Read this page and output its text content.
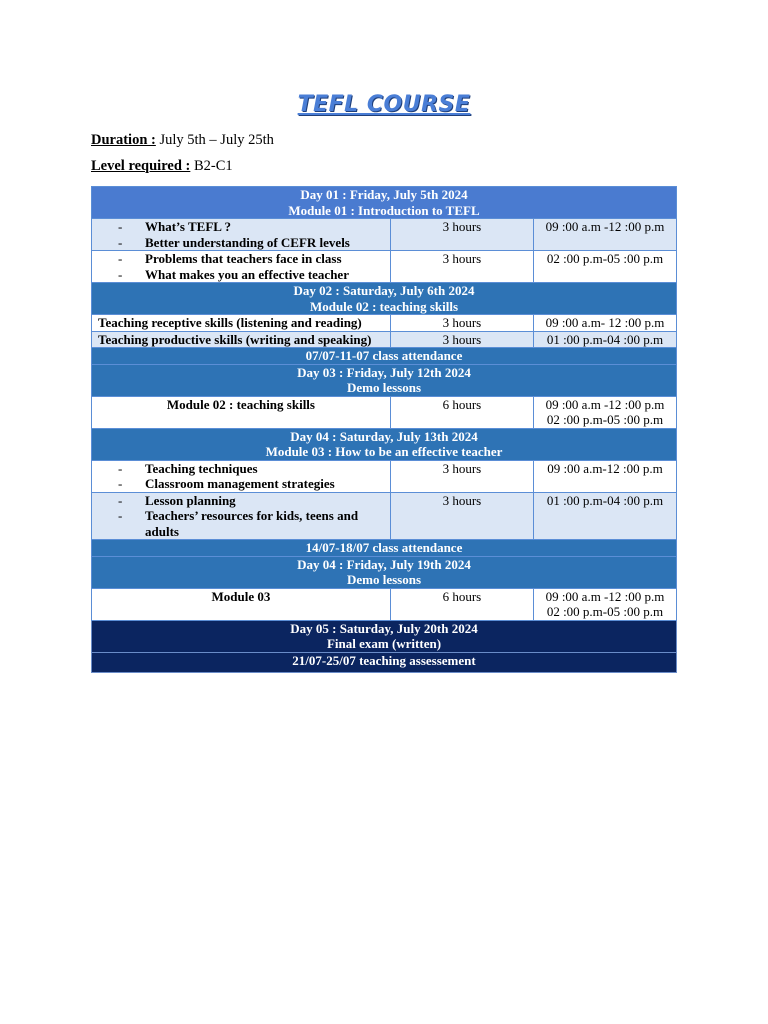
TEFL COURSE
Duration : July 5th – July 25th
Level required : B2-C1
Day 01 : Friday, July 5th 2024
Module 01 : Introduction to TEFL		

- What’s TEFL ?
- Better understanding of CEFR levels	3 hours	09 :00 a.m -12 :00 p.m

- Problems that teachers face in class
- What makes you an effective teacher	3 hours	02 :00 p.m-05 :00 p.m

Day 02 : Saturday, July 6th 2024
Module 02 : teaching skills		

Teaching receptive skills (listening and reading)	3 hours	09 :00 a.m- 12 :00 p.m
Teaching productive skills (writing and speaking)	3 hours	01 :00 p.m-04 :00 p.m
07/07-11-07 class attendance		

Day 03 : Friday, July 12th 2024
Demo lessons		

Module 02 : teaching skills	6 hours	09 :00 a.m -12 :00 p.m
02 :00 p.m-05 :00 p.m

Day 04 : Saturday, July 13th 2024
Module 03 : How to be an effective teacher		

- Teaching techniques
- Classroom management strategies	3 hours	09 :00 a.m-12 :00 p.m

- Lesson planning
- Teachers’ resources for kids, teens and adults	3 hours	01 :00 p.m-04 :00 p.m
14/07-18/07 class attendance		

Day 04 : Friday, July 19th 2024
Demo lessons		

Module 03	6 hours	09 :00 a.m -12 :00 p.m
02 :00 p.m-05 :00 p.m

Day 05 : Saturday, July 20th 2024
Final exam (written)		

21/07-25/07 teaching assessement		
